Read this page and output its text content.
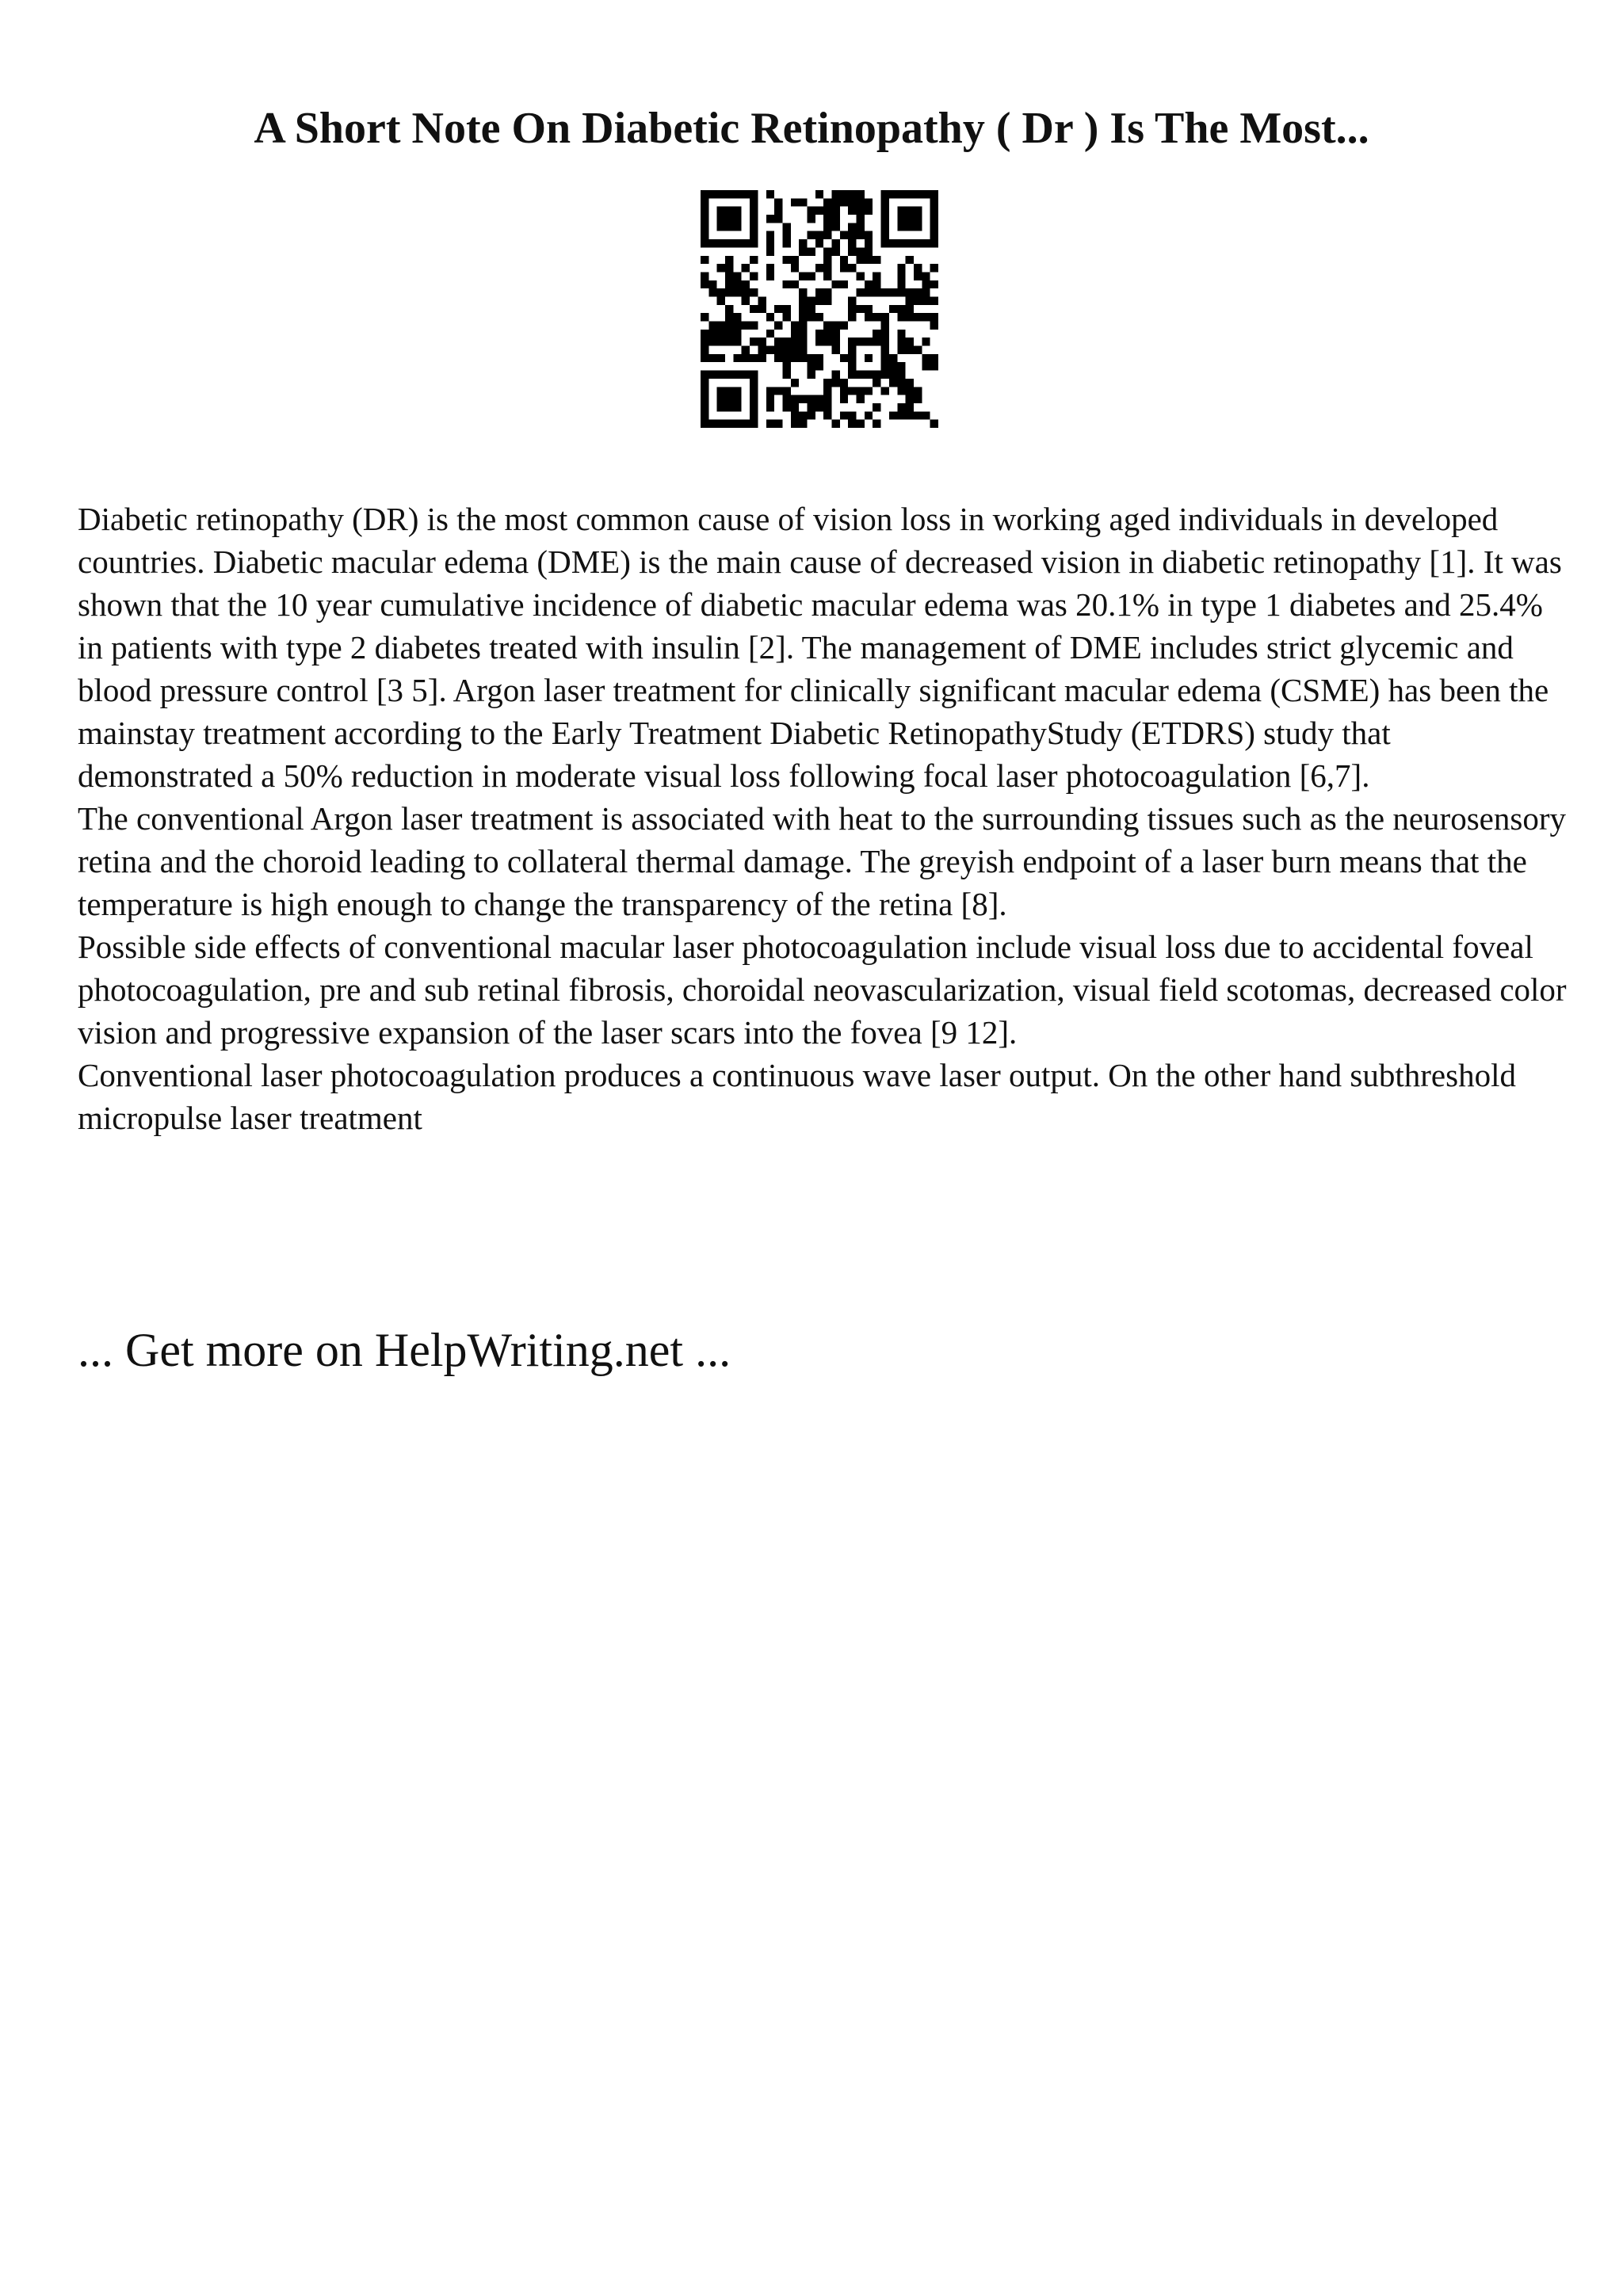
A Short Note On Diabetic Retinopathy ( Dr ) Is The Most...

Diabetic retinopathy (DR) is the most common cause of vision loss in working aged individuals in developed countries. Diabetic macular edema (DME) is the main cause of decreased vision in diabetic retinopathy [1]. It was shown that the 10 year cumulative incidence of diabetic macular edema was 20.1% in type 1 diabetes and 25.4% in patients with type 2 diabetes treated with insulin [2]. The management of DME includes strict glycemic and blood pressure control [3 5]. Argon laser treatment for clinically significant macular edema (CSME) has been the mainstay treatment according to the Early Treatment Diabetic RetinopathyStudy (ETDRS) study that demonstrated a 50% reduction in moderate visual loss following focal laser photocoagulation [6,7].

The conventional Argon laser treatment is associated with heat to the surrounding tissues such as the neurosensory retina and the choroid leading to collateral thermal damage. The greyish endpoint of a laser burn means that the temperature is high enough to change the transparency of the retina [8].

Possible side effects of conventional macular laser photocoagulation include visual loss due to accidental foveal photocoagulation, pre and sub retinal fibrosis, choroidal neovascularization, visual field scotomas, decreased color vision and progressive expansion of the laser scars into the fovea [9 12].

Conventional laser photocoagulation produces a continuous wave laser output. On the other hand subthreshold micropulse laser treatment

... Get more on HelpWriting.net ...
